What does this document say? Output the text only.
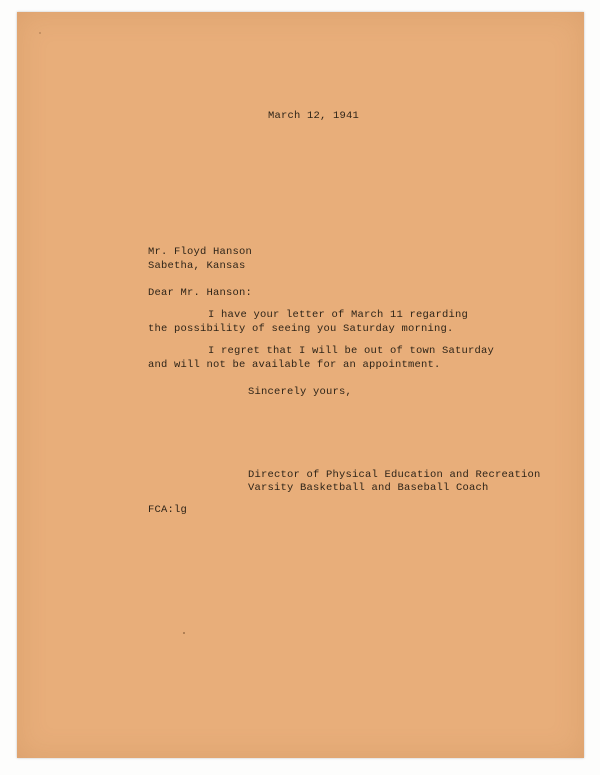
March 12, 1941

Mr. Floyd Hanson

Sabetha, Kansas

Dear Mr. Hanson:

I have your letter of March 11 regarding

the possibility of seeing you Saturday morning.

I regret that I will be out of town Saturday

and will not be available for an appointment.

Sincerely yours,

Director of Physical Education and Recreation

Varsity Basketball and Baseball Coach

FCA:lg
